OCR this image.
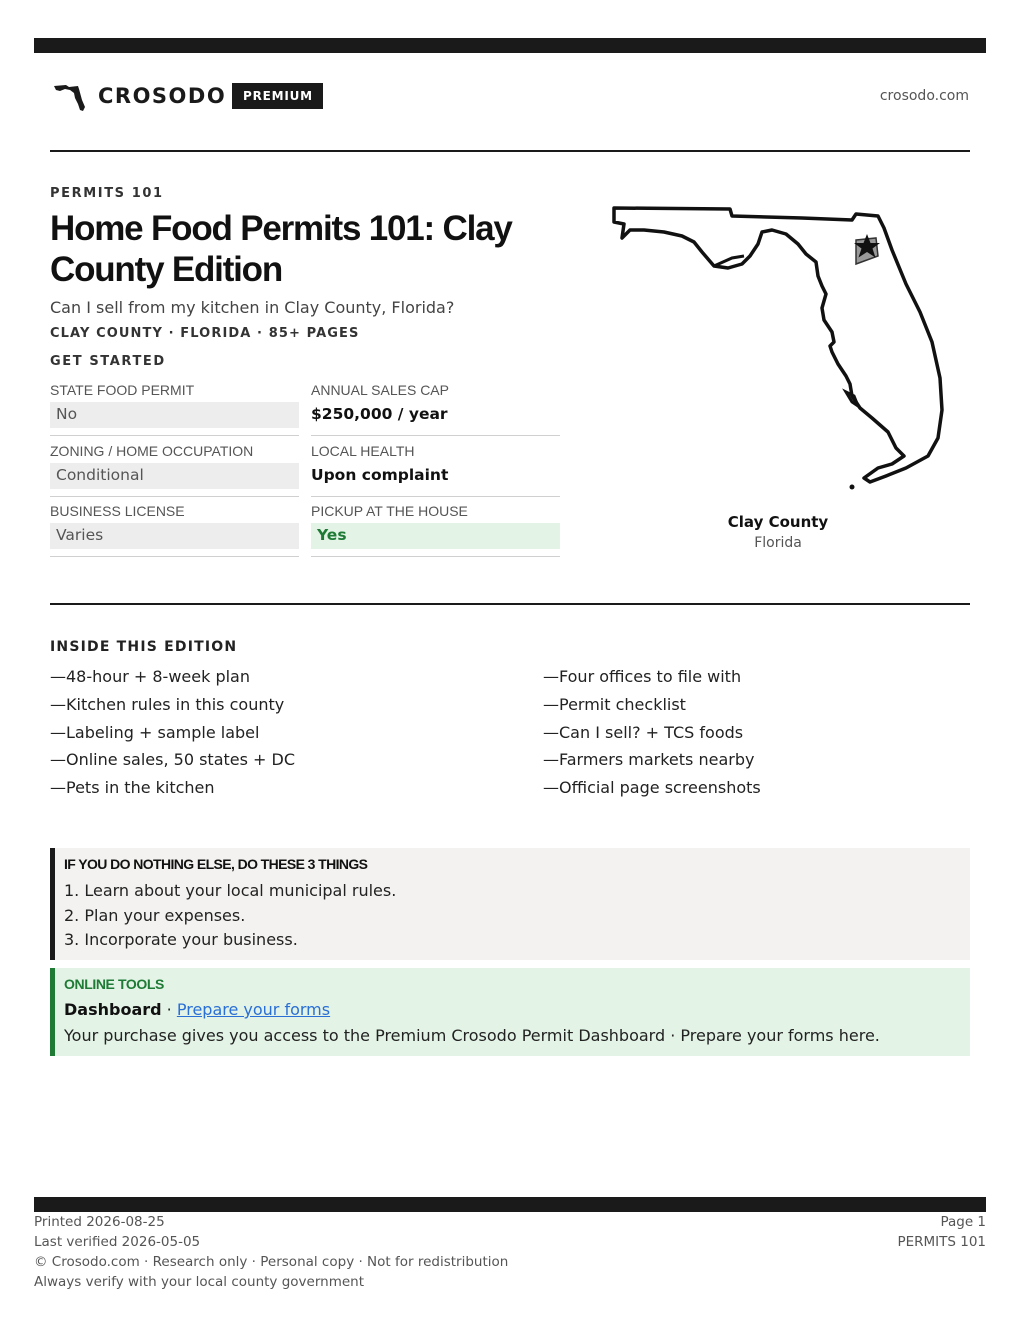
CROSODO	PREMIUM	crosodo.com
PERMITS 101
Home Food Permits 101: Clay County Edition
Can I sell from my kitchen in Clay County, Florida?
CLAY COUNTY · FLORIDA · 85+ PAGES
GET STARTED
STATE FOOD PERMIT
No
ANNUAL SALES CAP
$250,000 / year
ZONING / HOME OCCUPATION
Conditional
LOCAL HEALTH
Upon complaint
BUSINESS LICENSE
Varies
PICKUP AT THE HOUSE
Yes
Clay County
Florida
INSIDE THIS EDITION
—48-hour + 8-week plan
—Kitchen rules in this county
—Labeling + sample label
—Online sales, 50 states + DC
—Pets in the kitchen
—Four offices to file with
—Permit checklist
—Can I sell? + TCS foods
—Farmers markets nearby
—Official page screenshots
IF YOU DO NOTHING ELSE, DO THESE 3 THINGS
1. Learn about your local municipal rules.
2. Plan your expenses.
3. Incorporate your business.
ONLINE TOOLS
Dashboard · Prepare your forms
Your purchase gives you access to the Premium Crosodo Permit Dashboard · Prepare your forms here.
Printed 2026-08-25
Last verified 2026-05-05
© Crosodo.com · Research only · Personal copy · Not for redistribution
Always verify with your local county government
Page 1
PERMITS 101
